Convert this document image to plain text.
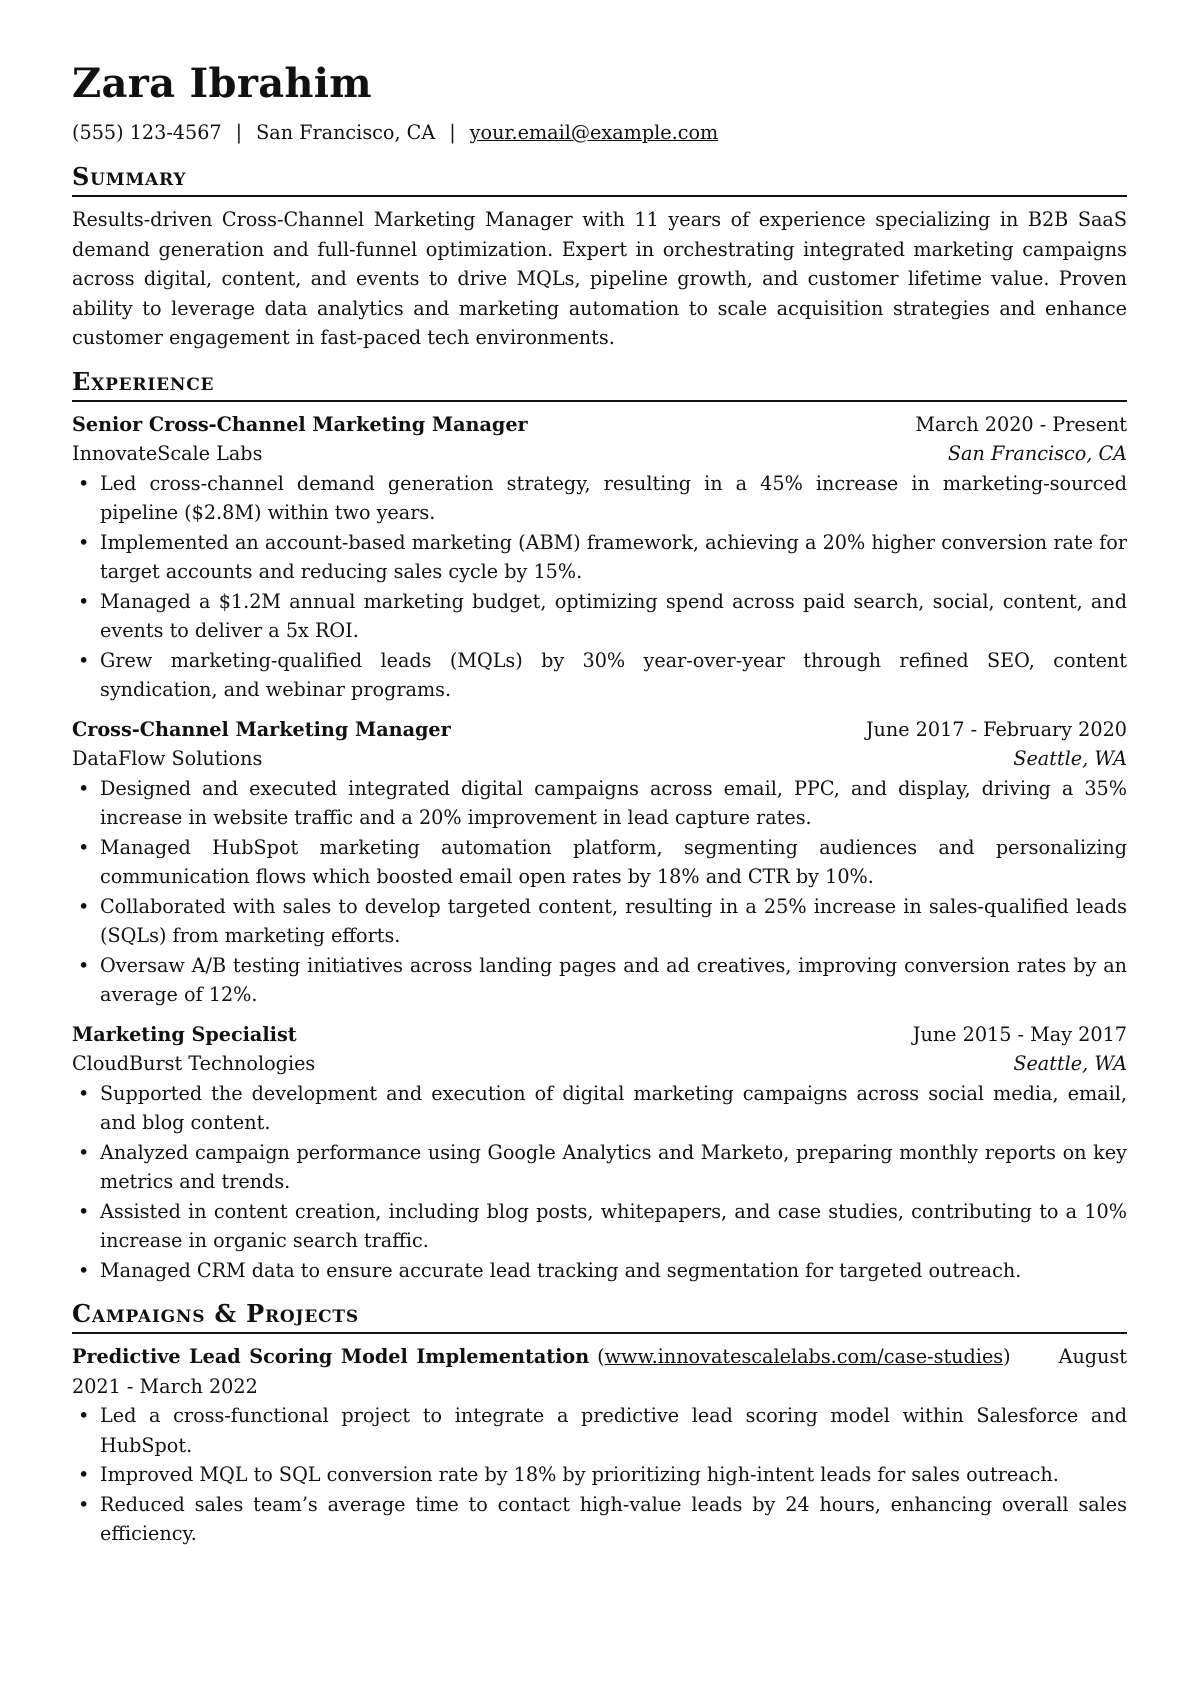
Zara Ibrahim
(555) 123-4567 | San Francisco, CA | your.email@example.com
Summary

Results-driven Cross-Channel Marketing Manager with 11 years of experience specializing in B2B SaaS demand generation and full-funnel optimization. Expert in orchestrating integrated marketing campaigns across digital, content, and events to drive MQLs, pipeline growth, and customer lifetime value. Proven ability to leverage data analytics and marketing automation to scale acquisition strategies and enhance customer engagement in fast-paced tech environments.

Experience
Senior Cross-Channel Marketing Manager	March 2020 - Present
InnovateScale Labs	San Francisco, CA
• Led cross-channel demand generation strategy, resulting in a 45% increase in marketing-sourced pipeline ($2.8M) within two years.
• Implemented an account-based marketing (ABM) framework, achieving a 20% higher conversion rate for target accounts and reducing sales cycle by 15%.
• Managed a $1.2M annual marketing budget, optimizing spend across paid search, social, content, and events to deliver a 5x ROI.
• Grew marketing-qualified leads (MQLs) by 30% year-over-year through refined SEO, content syndication, and webinar programs.
Cross-Channel Marketing Manager	June 2017 - February 2020
DataFlow Solutions	Seattle, WA
• Designed and executed integrated digital campaigns across email, PPC, and display, driving a 35% increase in website traffic and a 20% improvement in lead capture rates.
• Managed HubSpot marketing automation platform, segmenting audiences and personalizing communication flows which boosted email open rates by 18% and CTR by 10%.
• Collaborated with sales to develop targeted content, resulting in a 25% increase in sales-qualified leads (SQLs) from marketing efforts.
• Oversaw A/B testing initiatives across landing pages and ad creatives, improving conversion rates by an average of 12%.
Marketing Specialist	June 2015 - May 2017
CloudBurst Technologies	Seattle, WA
• Supported the development and execution of digital marketing campaigns across social media, email, and blog content.
• Analyzed campaign performance using Google Analytics and Marketo, preparing monthly reports on key metrics and trends.
• Assisted in content creation, including blog posts, whitepapers, and case studies, contributing to a 10% increase in organic search traffic.
• Managed CRM data to ensure accurate lead tracking and segmentation for targeted outreach.
Campaigns & Projects
Predictive Lead Scoring Model Implementation (www.innovatescalelabs.com/case-studies) August 2021 - March 2022
• Led a cross-functional project to integrate a predictive lead scoring model within Salesforce and HubSpot.
• Improved MQL to SQL conversion rate by 18% by prioritizing high-intent leads for sales outreach.
• Reduced sales team’s average time to contact high-value leads by 24 hours, enhancing overall sales efficiency.
